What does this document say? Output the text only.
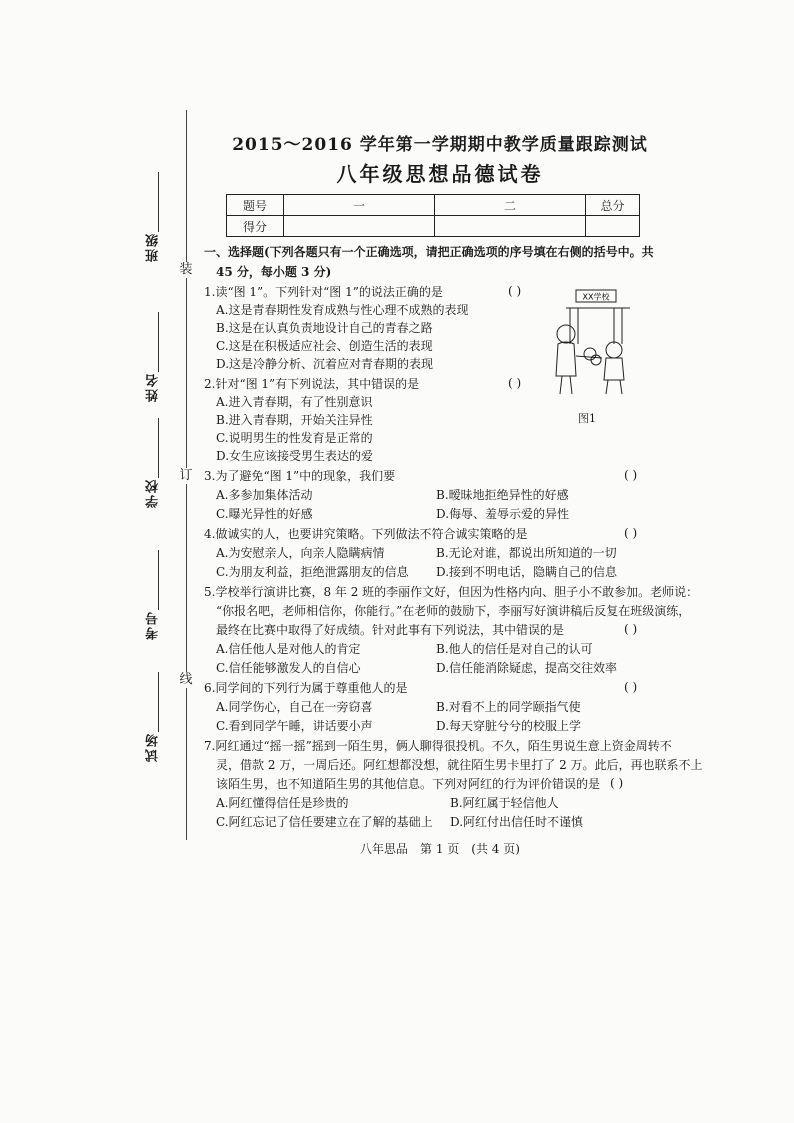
装
订
线
班级
姓名
学校
考号
试场
2015～2016 学年第一学期期中教学质量跟踪测试
八年级思想品德试卷
题号	一	二	总分
得分			
一、选择题(下列各题只有一个正确选项，请把正确选项的序号填在右侧的括号中。共
45 分，每小题 3 分)
1.读“图 1”。下列针对“图 1”的说法正确的是	( )
A.这是青春期性发育成熟与性心理不成熟的表现
B.这是在认真负责地设计自己的青春之路
C.这是在积极适应社会、创造生活的表现
D.这是冷静分析、沉着应对青春期的表现
2.针对“图 1”有下列说法，其中错误的是	( )
A.进入青春期，有了性别意识
B.进入青春期，开始关注异性
C.说明男生的性发育是正常的
D.女生应该接受男生表达的爱
XX学校
图1
3.为了避免“图 1”中的现象，我们要	( )
A.多参加集体活动	B.暧昧地拒绝异性的好感
C.曝光异性的好感	D.侮辱、羞辱示爱的异性
4.做诚实的人，也要讲究策略。下列做法不符合诚实策略的是	( )
A.为安慰亲人，向亲人隐瞒病情	B.无论对谁，都说出所知道的一切
C.为朋友利益，拒绝泄露朋友的信息 D.接到不明电话，隐瞒自己的信息
5.学校举行演讲比赛，8 年 2 班的李丽作文好，但因为性格内向、胆子小不敢参加。老师说：
“你报名吧，老师相信你，你能行。”在老师的鼓励下，李丽写好演讲稿后反复在班级演练，
最终在比赛中取得了好成绩。针对此事有下列说法，其中错误的是	( )
A.信任他人是对他人的肯定	B.他人的信任是对自己的认可
C.信任能够激发人的自信心	D.信任能消除疑虑，提高交往效率
6.同学间的下列行为属于尊重他人的是	( )
A.同学伤心，自己在一旁窃喜	B.对看不上的同学颐指气使
C.看到同学午睡，讲话要小声	D.每天穿脏兮兮的校服上学
7.阿红通过“摇一摇”摇到一陌生男，俩人聊得很投机。不久，陌生男说生意上资金周转不
灵，借款 2 万，一周后还。阿红想都没想，就往陌生男卡里打了 2 万。此后，再也联系不上
该陌生男，也不知道陌生男的其他信息。下列对阿红的行为评价错误的是 ( )
A.阿红懂得信任是珍贵的	B.阿红属于轻信他人
C.阿红忘记了信任要建立在了解的基础上 D.阿红付出信任时不谨慎
八年思品　第 1 页　(共 4 页)
